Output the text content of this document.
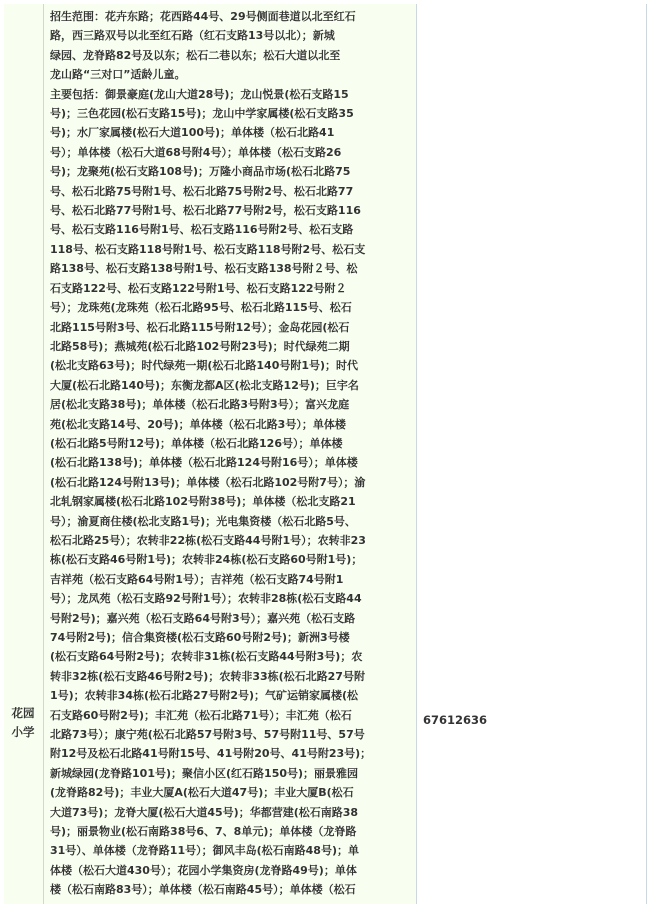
花园小学
67612636
招生范围：花卉东路；花西路44号、29号侧面巷道以北至红石
路，西三路双号以北至红石路（红石支路13号以北）；新城
绿园、龙脊路82号及以东；松石二巷以东；松石大道以北至
龙山路“三对口”适龄儿童。
主要包括：御景豪庭(龙山大道28号)；龙山悦景(松石支路15
号)；三色花园(松石支路15号)；龙山中学家属楼(松石支路35
号)；水厂家属楼(松石大道100号)；单体楼（松石北路41
号）；单体楼（松石大道68号附4号）；单体楼（松石支路26
号)；龙聚苑(松石支路108号)；万隆小商品市场(松石北路75
号、松石北路75号附1号、松石北路75号附2号、松石北路77
号、松石北路77号附1号、松石北路77号附2号，松石支路116
号、松石支路116号附1号、松石支路116号附2号、松石支路
118号、松石支路118号附1号、松石支路118号附2号、松石支
路138号、松石支路138号附1号、松石支路138号附２号、松
石支路122号、松石支路122号附1号、松石支路122号附２
号）；龙珠苑(龙珠苑（松石北路95号、松石北路115号、松石
北路115号附3号、松石北路115号附12号）；金岛花园(松石
北路58号)；燕城苑(松石北路102号附23号)；时代绿苑二期
(松北支路63号)；时代绿苑一期(松石北路140号附1号)；时代
大厦(松石北路140号)；东衡龙都A区(松北支路12号)；巨宇名
居(松北支路38号)；单体楼（松石北路3号附3号）；富兴龙庭
苑(松北支路14号、20号)；单体楼（松石北路3号）；单体楼
(松石北路5号附12号)；单体楼（松石北路126号）；单体楼
(松石北路138号)；单体楼（松石北路124号附16号）；单体楼
(松石北路124号附13号)；单体楼（松石北路102号附7号）；渝
北轧钢家属楼(松石北路102号附38号)；单体楼（松北支路21
号）；渝夏商住楼(松北支路1号)；光电集资楼（松石北路5号、
松石北路25号）；农转非22栋(松石支路44号附1号）；农转非23
栋(松石支路46号附1号)；农转非24栋(松石支路60号附1号)；
吉祥苑（松石支路64号附1号）；吉祥苑（松石支路74号附1
号）；龙凤苑（松石支路92号附1号）；农转非28栋(松石支路44
号附2号)；嘉兴苑（松石支路64号附3号）；嘉兴苑（松石支路
74号附2号)；信合集资楼(松石支路60号附2号)；新洲3号楼
(松石支路64号附2号)；农转非31栋(松石支路44号附3号)；农
转非32栋(松石支路46号附2号)；农转非33栋(松石北路27号附
1号)；农转非34栋(松石北路27号附2号)；气矿运销家属楼(松
石支路60号附2号)；丰汇苑（松石北路71号）；丰汇苑（松石
北路73号）；康宁苑(松石北路57号附3号、57号附11号、57号
附12号及松石北路41号附15号、41号附20号、41号附23号)；
新城绿园(龙脊路101号)；聚信小区(红石路150号)；丽景雅园
(龙脊路82号)；丰业大厦A(松石大道47号)；丰业大厦B(松石
大道73号)；龙脊大厦(松石大道45号)；华都营建(松石南路38
号)；丽景物业(松石南路38号6、7、8单元)；单体楼（龙脊路
31号）、单体楼（龙脊路11号）；御风丰岛(松石南路48号)；单
体楼（松石大道430号）；花园小学集资房(龙脊路49号)；单体
楼（松石南路83号）；单体楼（松石南路45号）；单体楼（松石
